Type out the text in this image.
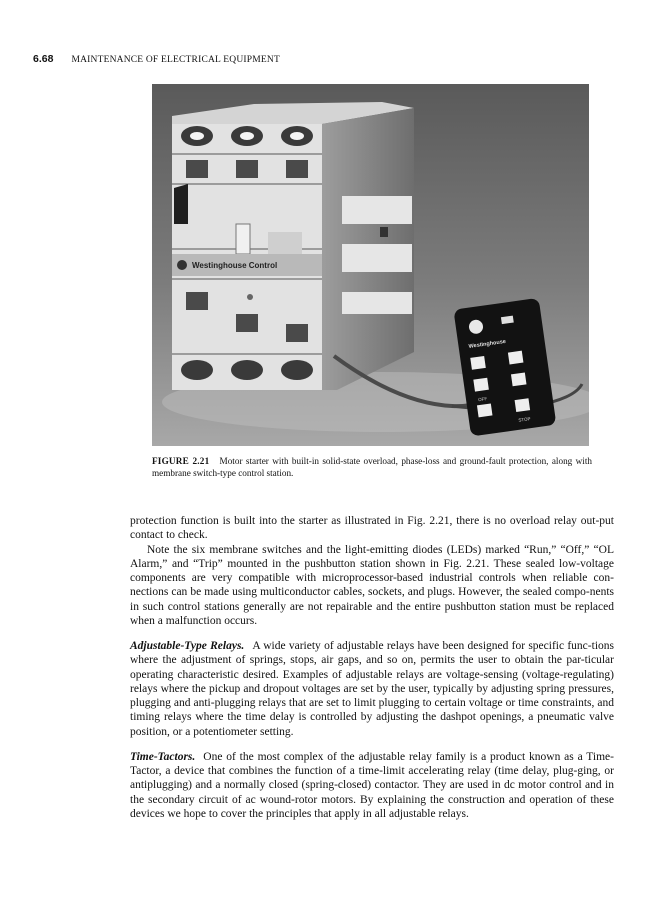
6.68 MAINTENANCE OF ELECTRICAL EQUIPMENT
Westinghouse Control
Westinghouse
OFF
STOP
FIGURE 2.21 Motor starter with built-in solid-state overload, phase-loss and ground-fault protection, along with membrane switch-type control station.

protection function is built into the starter as illustrated in Fig. 2.21, there is no overload relay out-put contact to check.

Note the six membrane switches and the light-emitting diodes (LEDs) marked “Run,” “Off,” “OL Alarm,” and “Trip” mounted in the pushbutton station shown in Fig. 2.21. These sealed low-voltage components are very compatible with microprocessor-based industrial controls when reliable con-nections can be made using multiconductor cables, sockets, and plugs. However, the sealed compo-nents in such control stations generally are not repairable and the entire pushbutton station must be replaced when a malfunction occurs.

Adjustable-Type Relays. A wide variety of adjustable relays have been designed for specific func-tions where the adjustment of springs, stops, air gaps, and so on, permits the user to obtain the par-ticular operating characteristic desired. Examples of adjustable relays are voltage-sensing (voltage-regulating) relays where the pickup and dropout voltages are set by the user, typically by adjusting spring pressures, plugging and anti-plugging relays that are set to limit plugging to certain voltage or time constraints, and timing relays where the time delay is controlled by adjusting the dashpot openings, a pneumatic valve position, or a potentiometer setting.

Time-Tactors. One of the most complex of the adjustable relay family is a product known as a Time-Tactor, a device that combines the function of a time-limit accelerating relay (time delay, plug-ging, or antiplugging) and a normally closed (spring-closed) contactor. They are used in dc motor control and in the secondary circuit of ac wound-rotor motors. By explaining the construction and operation of these devices we hope to cover the principles that apply in all adjustable relays.
